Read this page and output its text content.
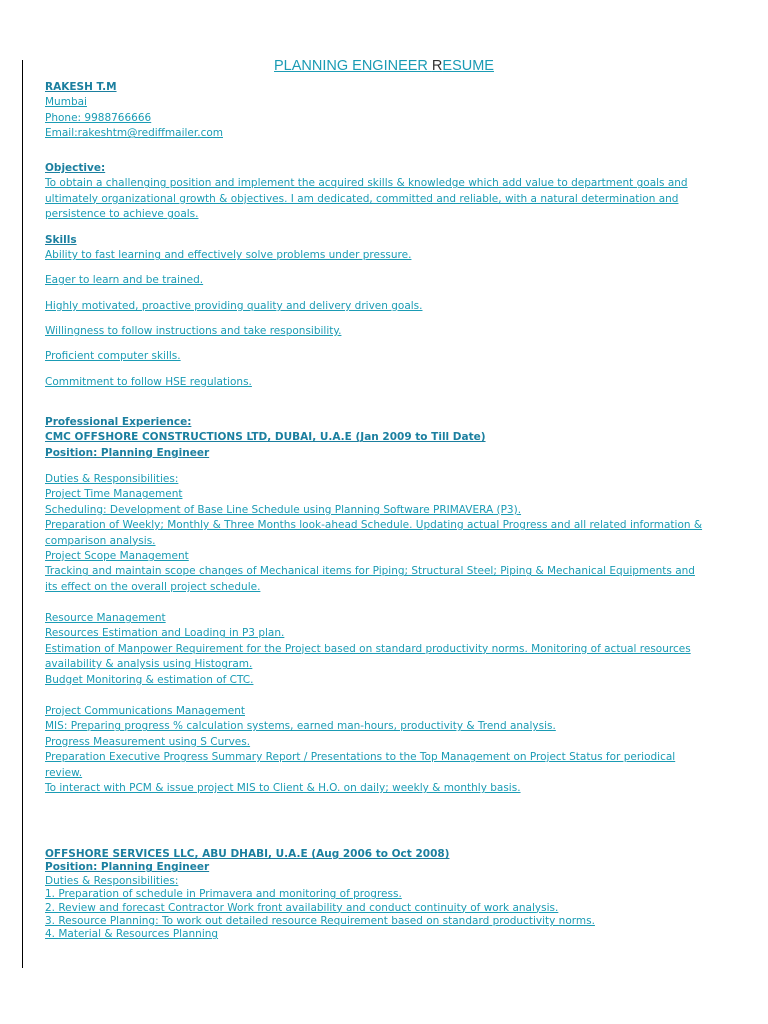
PLANNING ENGINEER RESUME
RAKESH T.M
Mumbai
Phone: 9988766666
Email:rakeshtm@rediffmailer.com
Objective:
To obtain a challenging position and implement the acquired skills & knowledge which add value to department goals and
ultimately organizational growth & objectives. I am dedicated, committed and reliable, with a natural determination and
persistence to achieve goals.
Skills
Ability to fast learning and effectively solve problems under pressure.
Eager to learn and be trained.
Highly motivated, proactive providing quality and delivery driven goals.
Willingness to follow instructions and take responsibility.
Proficient computer skills.
Commitment to follow HSE regulations.
Professional Experience:
CMC OFFSHORE CONSTRUCTIONS LTD, DUBAI, U.A.E (Jan 2009 to Till Date)
Position: Planning Engineer
Duties & Responsibilities:
Project Time Management
Scheduling: Development of Base Line Schedule using Planning Software PRIMAVERA (P3).
Preparation of Weekly; Monthly & Three Months look-ahead Schedule. Updating actual Progress and all related information &
comparison analysis.
Project Scope Management
Tracking and maintain scope changes of Mechanical items for Piping; Structural Steel; Piping & Mechanical Equipments and
its effect on the overall project schedule.
Resource Management
Resources Estimation and Loading in P3 plan.
Estimation of Manpower Requirement for the Project based on standard productivity norms. Monitoring of actual resources
availability & analysis using Histogram.
Budget Monitoring & estimation of CTC.
Project Communications Management
MIS: Preparing progress % calculation systems, earned man-hours, productivity & Trend analysis.
Progress Measurement using S Curves.
Preparation Executive Progress Summary Report / Presentations to the Top Management on Project Status for periodical
review.
To interact with PCM & issue project MIS to Client & H.O. on daily; weekly & monthly basis.
OFFSHORE SERVICES LLC, ABU DHABI, U.A.E (Aug 2006 to Oct 2008)
Position: Planning Engineer
Duties & Responsibilities:
1. Preparation of schedule in Primavera and monitoring of progress.
2. Review and forecast Contractor Work front availability and conduct continuity of work analysis.
3. Resource Planning: To work out detailed resource Requirement based on standard productivity norms.
4. Material & Resources Planning
